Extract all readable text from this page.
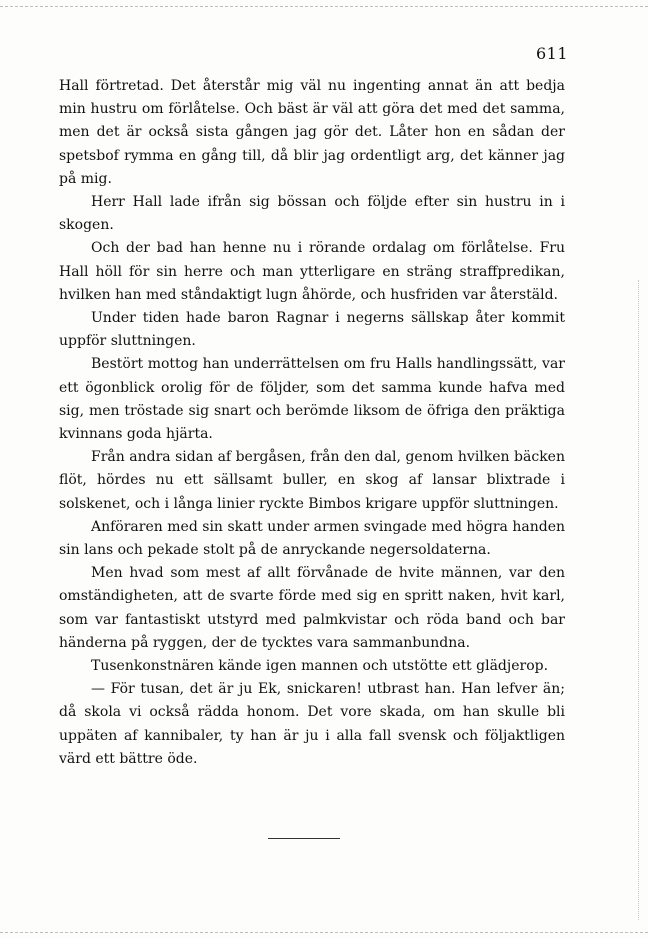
611

Hall förtretad. Det återstår mig väl nu ingenting annat än att bedja min hustru om förlåtelse. Och bäst är väl att göra det med det samma, men det är också sista gången jag gör det. Låter hon en sådan der spetsbof rymma en gång till, då blir jag ordentligt arg, det känner jag på mig.

Herr Hall lade ifrån sig bössan och följde efter sin hustru in i skogen.

Och der bad han henne nu i rörande ordalag om förlåtelse. Fru Hall höll för sin herre och man ytterligare en sträng straffpredikan, hvilken han med ståndaktigt lugn åhörde, och husfriden var återstäld.

Under tiden hade baron Ragnar i negerns sällskap åter kommit uppför sluttningen.

Bestört mottog han underrättelsen om fru Halls handlingssätt, var ett ögonblick orolig för de följder, som det samma kunde hafva med sig, men tröstade sig snart och berömde liksom de öfriga den präktiga kvinnans goda hjärta.

Från andra sidan af bergåsen, från den dal, genom hvilken bäcken flöt, hördes nu ett sällsamt buller, en skog af lansar blixtrade i solskenet, och i långa linier ryckte Bimbos krigare uppför sluttningen.

Anföraren med sin skatt under armen svingade med högra handen sin lans och pekade stolt på de anryckande negersoldaterna.

Men hvad som mest af allt förvånade de hvite männen, var den omständigheten, att de svarte förde med sig en spritt naken, hvit karl, som var fantastiskt utstyrd med palmkvistar och röda band och bar händerna på ryggen, der de tycktes vara sammanbundna.

Tusenkonstnären kände igen mannen och utstötte ett glädjerop.

— För tusan, det är ju Ek, snickaren! utbrast han. Han lefver än; då skola vi också rädda honom. Det vore skada, om han skulle bli uppäten af kannibaler, ty han är ju i alla fall svensk och följaktligen värd ett bättre öde.
